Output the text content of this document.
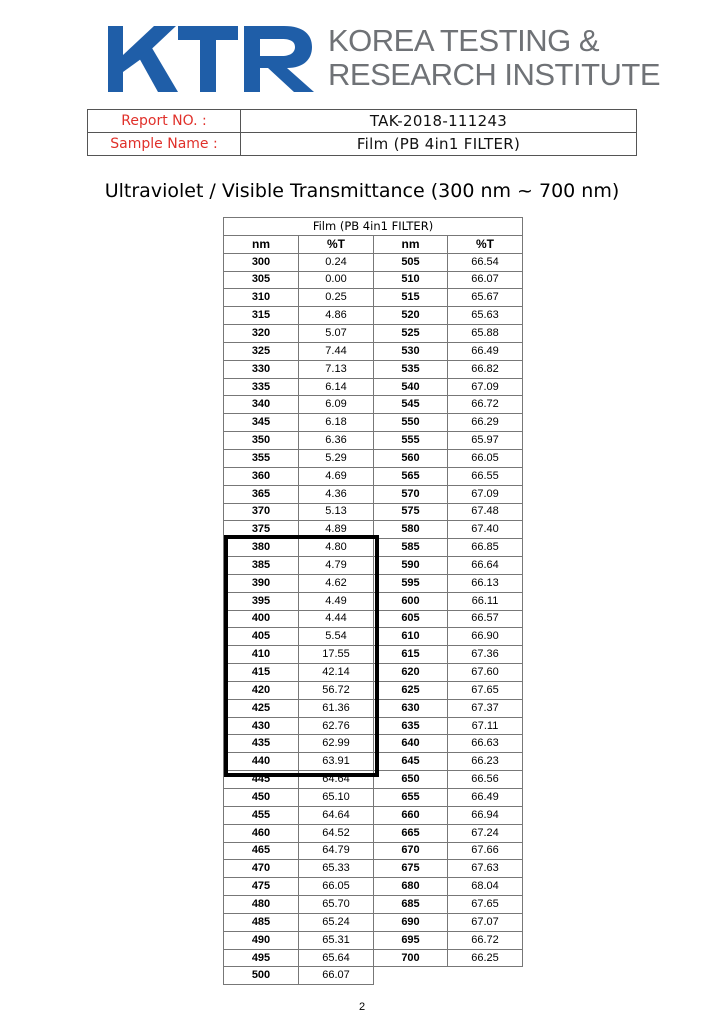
KOREA TESTING &
RESEARCH INSTITUTE
Report NO. :	TAK-2018-111243
Sample Name :	Film (PB 4in1 FILTER)
Ultraviolet / Visible Transmittance (300 nm ~ 700 nm)
Film (PB 4in1 FILTER)			
nm	%T	nm	%T
300	0.24	505	66.54
305	0.00	510	66.07
310	0.25	515	65.67
315	4.86	520	65.63
320	5.07	525	65.88
325	7.44	530	66.49
330	7.13	535	66.82
335	6.14	540	67.09
340	6.09	545	66.72
345	6.18	550	66.29
350	6.36	555	65.97
355	5.29	560	66.05
360	4.69	565	66.55
365	4.36	570	67.09
370	5.13	575	67.48
375	4.89	580	67.40
380	4.80	585	66.85
385	4.79	590	66.64
390	4.62	595	66.13
395	4.49	600	66.11
400	4.44	605	66.57
405	5.54	610	66.90
410	17.55	615	67.36
415	42.14	620	67.60
420	56.72	625	67.65
425	61.36	630	67.37
430	62.76	635	67.11
435	62.99	640	66.63
440	63.91	645	66.23
445	64.64	650	66.56
450	65.10	655	66.49
455	64.64	660	66.94
460	64.52	665	67.24
465	64.79	670	67.66
470	65.33	675	67.63
475	66.05	680	68.04
480	65.70	685	67.65
485	65.24	690	67.07
490	65.31	695	66.72
495	65.64	700	66.25
500	66.07		
2
